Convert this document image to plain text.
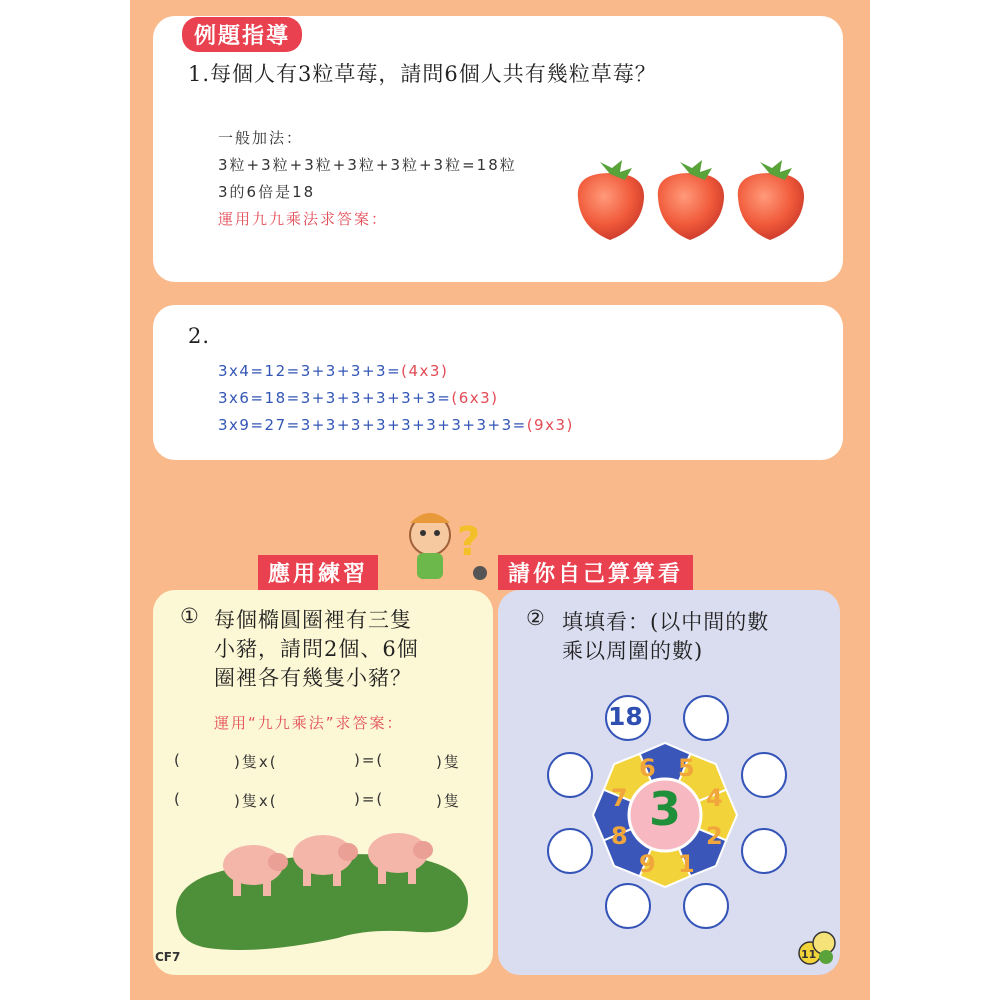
例題指導
1.每個人有3粒草莓，請問6個人共有幾粒草莓？
一般加法：
3粒+3粒+3粒+3粒+3粒+3粒=18粒
3的6倍是18
運用九九乘法求答案：
2.
3x4=12=3+3+3+3=(4x3)
3x6=18=3+3+3+3+3+3=(6x3)
3x9=27=3+3+3+3+3+3+3+3+3=(9x3)
應用練習	請你自己算算看
?
① 每個橢圓圈裡有三隻
小豬，請問2個、6個
圈裡各有幾隻小豬？
運用“九九乘法”求答案：
(	)隻x(	)=(	)隻
(	)隻x(	)=(	)隻
CF7
② 填填看：(以中間的數
乘以周圍的數)
18
6 5
4
2
1
9
8
7 3
11
